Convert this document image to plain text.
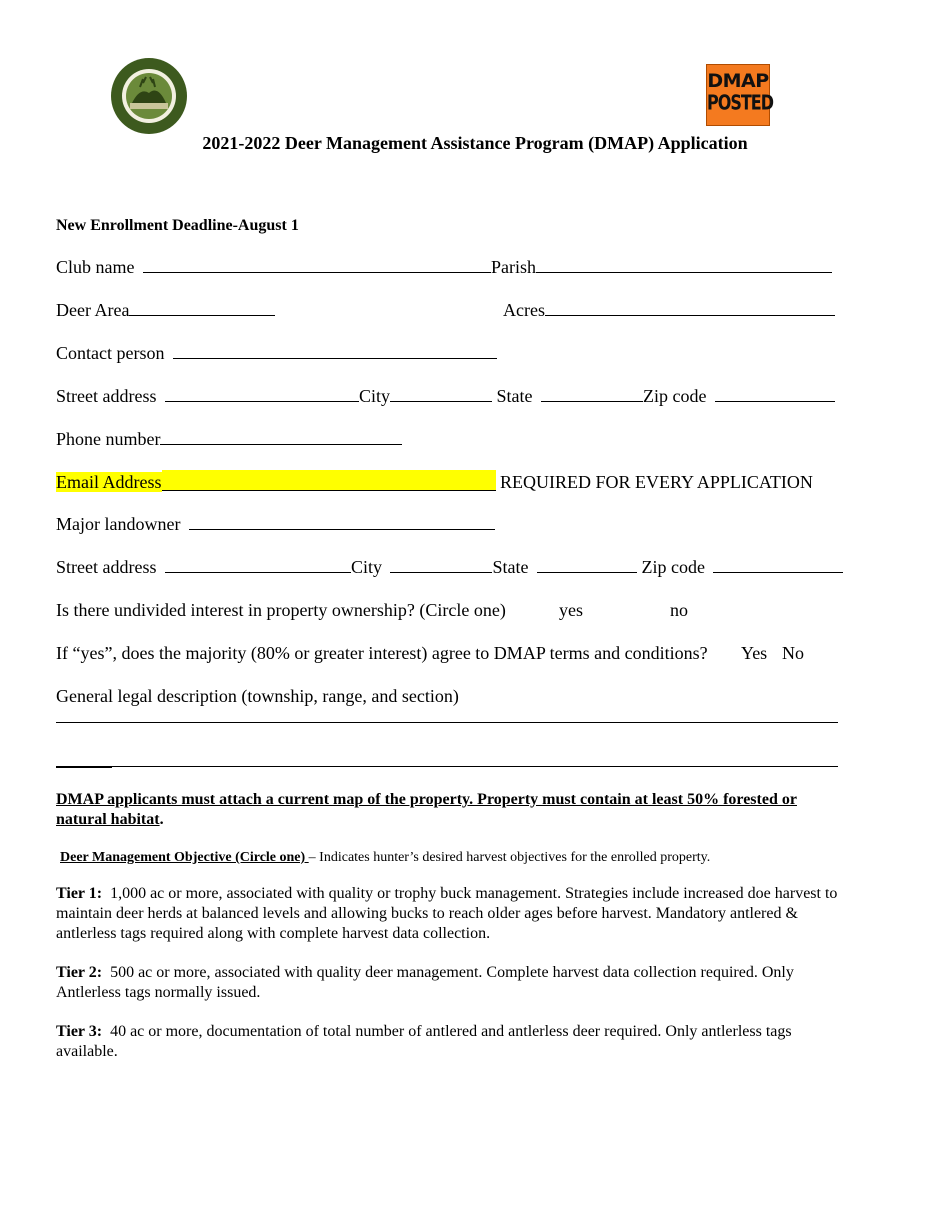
DMAP
POSTED
2021-2022 Deer Management Assistance Program (DMAP) Application
New Enrollment Deadline-August 1
Club name	Parish
Deer Area	Acres
Contact person
Street address	City	State	Zip code
Phone number
Email Address	REQUIRED FOR EVERY APPLICATION
Major landowner
Street address	City	State	Zip code
Is there undivided interest in property ownership? (Circle one)	yes	no
If “yes”, does the majority (80% or greater interest) agree to DMAP terms and conditions? Yes No
General legal description (township, range, and section)
DMAP applicants must attach a current map of the property. Property must contain at least 50% forested or natural habitat.
Deer Management Objective (Circle one) – Indicates hunter’s desired harvest objectives for the enrolled property.
Tier 1: 1,000 ac or more, associated with quality or trophy buck management. Strategies include increased doe harvest to maintain deer herds at balanced levels and allowing bucks to reach older ages before harvest. Mandatory antlered & antlerless tags required along with complete harvest data collection.
Tier 2: 500 ac or more, associated with quality deer management. Complete harvest data collection required. Only Antlerless tags normally issued.
Tier 3: 40 ac or more, documentation of total number of antlered and antlerless deer required. Only antlerless tags available.
